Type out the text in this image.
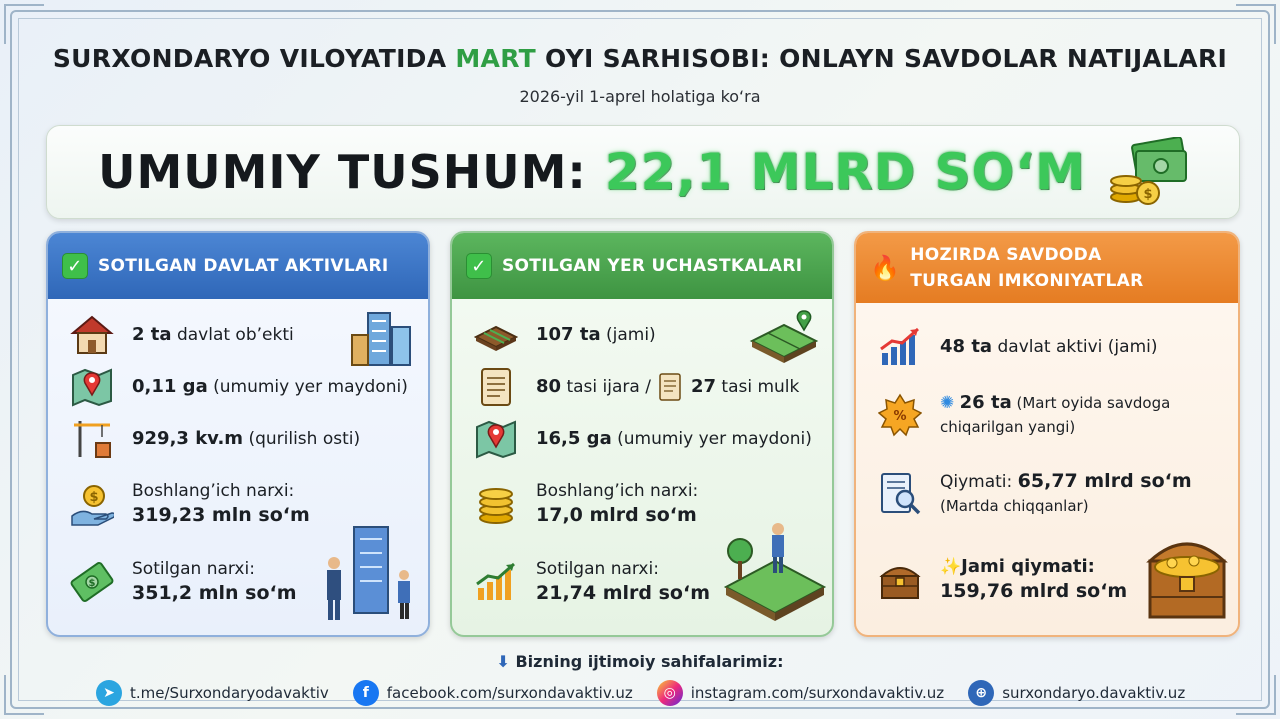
SURXONDARYO VILOYATIDA MART OYI SARHISOBI: ONLAYN SAVDOLAR NATIJALARI
2026-yil 1-aprel holatiga ko‘ra
UMUMIY TUSHUM: 22,1 MLRD SO‘M	$
✓ SOTILGAN DAVLAT AKTIVLARI
2 ta davlat ob’ekti
0,11 ga (umumiy yer maydoni)
929,3 kv.m (qurilish osti)
$ Boshlang’ich narxi:
319,23 mln so‘m
$
Sotilgan narxi:
351,2 mln so‘m
✓ SOTILGAN YER UCHASTKALARI
107 ta (jami)
80 tasi ijara / 27 tasi mulk
16,5 ga (umumiy yer maydoni)
Boshlang’ich narxi:
17,0 mlrd so‘m
Sotilgan narxi:
21,74 mlrd so‘m
🔥 HOZIRDA SAVDODA
TURGAN IMKONIYATLAR
48 ta davlat aktivi (jami)
%
✺ 26 ta (Mart oyida savdoga
chiqarilgan yangi)
Qiymati: 65,77 mlrd so‘m
(Martda chiqqanlar)
✨Jami qiymati:
159,76 mlrd so‘m
⬇ Bizning ijtimoiy sahifalarimiz:
➤	t.me/Surxondaryodavaktiv	f	facebook.com/surxondavaktiv.uz	◎ instagram.com/surxondavaktiv.uz	⊕	surxondaryo.davaktiv.uz
